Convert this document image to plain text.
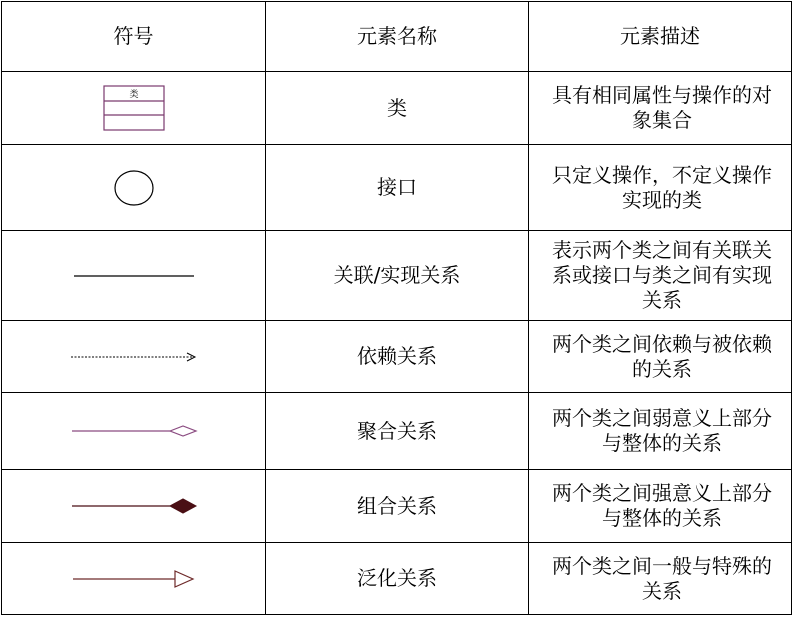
符号	元素名称	元素描述

类	类	具有相同属性与操作的对象集合

	接口	只定义操作，不定义操作实现的类

	关联/实现关系	表示两个类之间有关联关系或接口与类之间有实现关系

	依赖关系	两个类之间依赖与被依赖的关系

	聚合关系	两个类之间弱意义上部分与整体的关系

	组合关系	两个类之间强意义上部分与整体的关系

	泛化关系	两个类之间一般与特殊的关系
